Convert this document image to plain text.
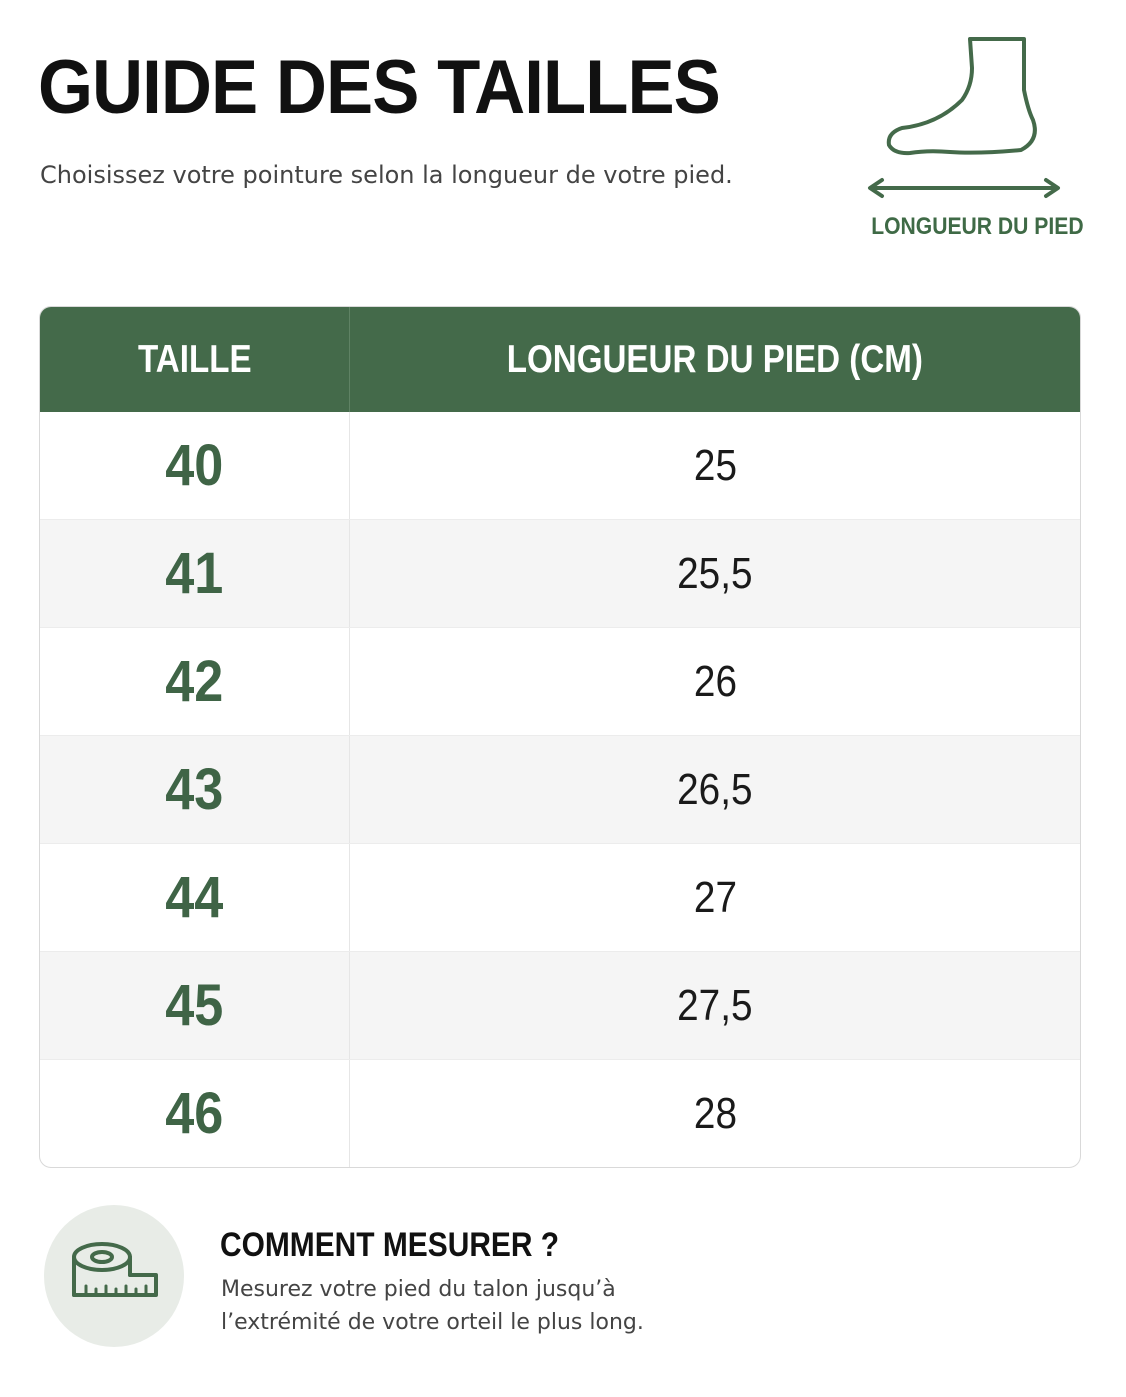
GUIDE DES TAILLES

Choisissez votre pointure selon la longueur de votre pied.

LONGUEUR DU PIED
TAILLE	LONGUEUR DU PIED (CM)
40	25
41	25,5
42	26
43	26,5
44	27
45	27,5
46	28
COMMENT MESURER ?

Mesurez votre pied du talon jusqu’à l’extrémité de votre orteil le plus long.
